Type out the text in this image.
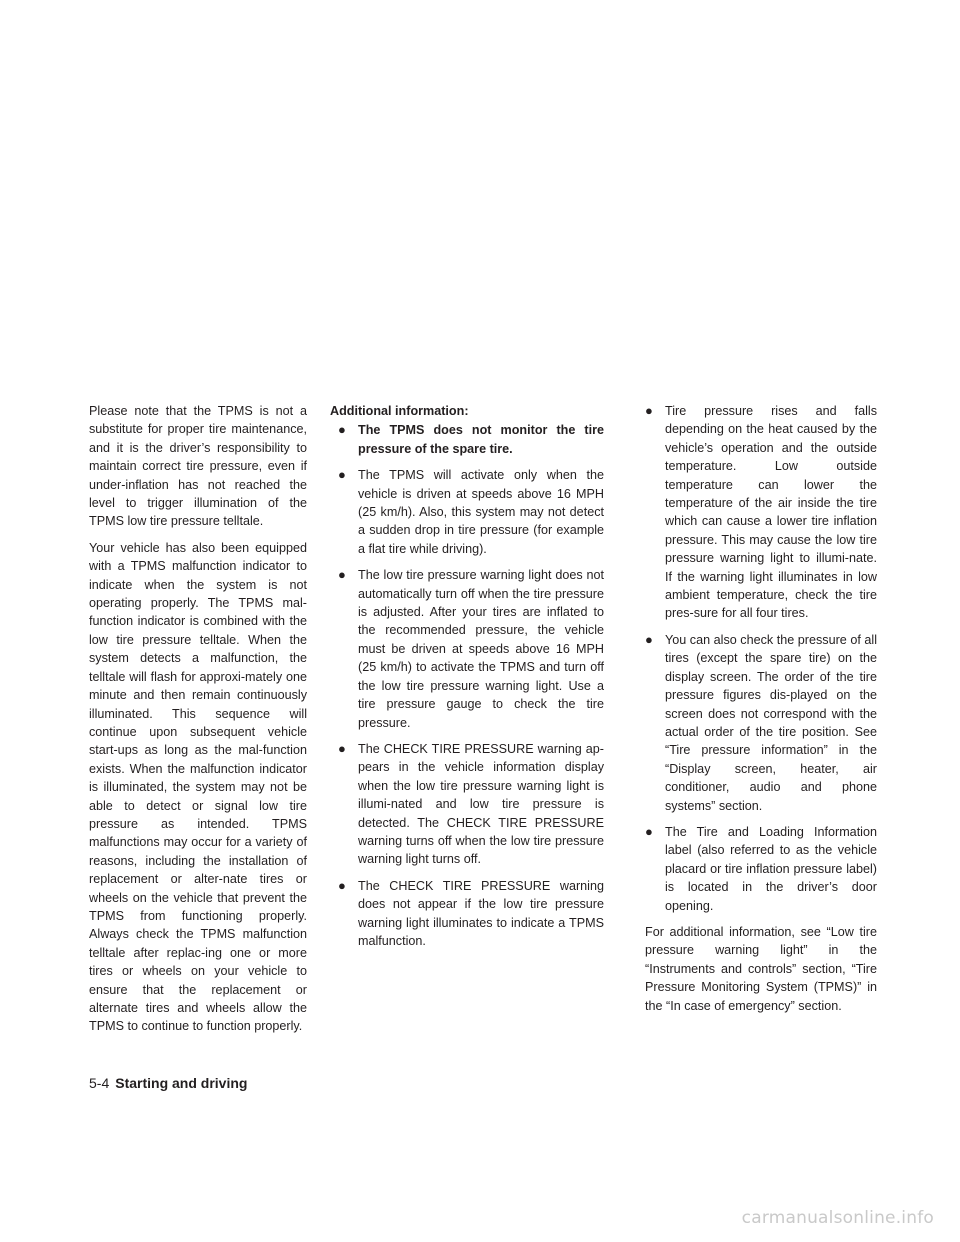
Please note that the TPMS is not a substitute for proper tire maintenance, and it is the driver’s responsibility to maintain correct tire pressure, even if under-inflation has not reached the level to trigger illumination of the TPMS low tire pressure telltale.

Your vehicle has also been equipped with a TPMS malfunction indicator to indicate when the system is not operating properly. The TPMS mal-function indicator is combined with the low tire pressure telltale. When the system detects a malfunction, the telltale will flash for approxi-mately one minute and then remain continuously illuminated. This sequence will continue upon subsequent vehicle start-ups as long as the mal-function exists. When the malfunction indicator is illuminated, the system may not be able to detect or signal low tire pressure as intended. TPMS malfunctions may occur for a variety of reasons, including the installation of replacement or alter-nate tires or wheels on the vehicle that prevent the TPMS from functioning properly. Always check the TPMS malfunction telltale after replac-ing one or more tires or wheels on your vehicle to ensure that the replacement or alternate tires and wheels allow the TPMS to continue to function properly.

Additional information:
● The TPMS does not monitor the tire pressure of the spare tire.
● The TPMS will activate only when the vehicle is driven at speeds above 16 MPH (25 km/h). Also, this system may not detect a sudden drop in tire pressure (for example a flat tire while driving).
● The low tire pressure warning light does not automatically turn off when the tire pressure is adjusted. After your tires are inflated to the recommended pressure, the vehicle must be driven at speeds above 16 MPH (25 km/h) to activate the TPMS and turn off the low tire pressure warning light. Use a tire pressure gauge to check the tire pressure.
● The CHECK TIRE PRESSURE warning ap-pears in the vehicle information display when the low tire pressure warning light is illumi-nated and low tire pressure is detected. The CHECK TIRE PRESSURE warning turns off when the low tire pressure warning light turns off.
● The CHECK TIRE PRESSURE warning does not appear if the low tire pressure warning light illuminates to indicate a TPMS malfunction.
● Tire pressure rises and falls depending on the heat caused by the vehicle’s operation and the outside temperature. Low outside temperature can lower the temperature of the air inside the tire which can cause a lower tire inflation pressure. This may cause the low tire pressure warning light to illumi-nate. If the warning light illuminates in low ambient temperature, check the tire pres-sure for all four tires.
● You can also check the pressure of all tires (except the spare tire) on the display screen. The order of the tire pressure figures dis-played on the screen does not correspond with the actual order of the tire position. See “Tire pressure information” in the “Display screen, heater, air conditioner, audio and phone systems” section.
● The Tire and Loading Information label (also referred to as the vehicle placard or tire inflation pressure label) is located in the driver’s door opening.

For additional information, see “Low tire pressure warning light” in the “Instruments and controls” section, “Tire Pressure Monitoring System (TPMS)” in the “In case of emergency” section.

5-4 Starting and driving
carmanualsonline.info
